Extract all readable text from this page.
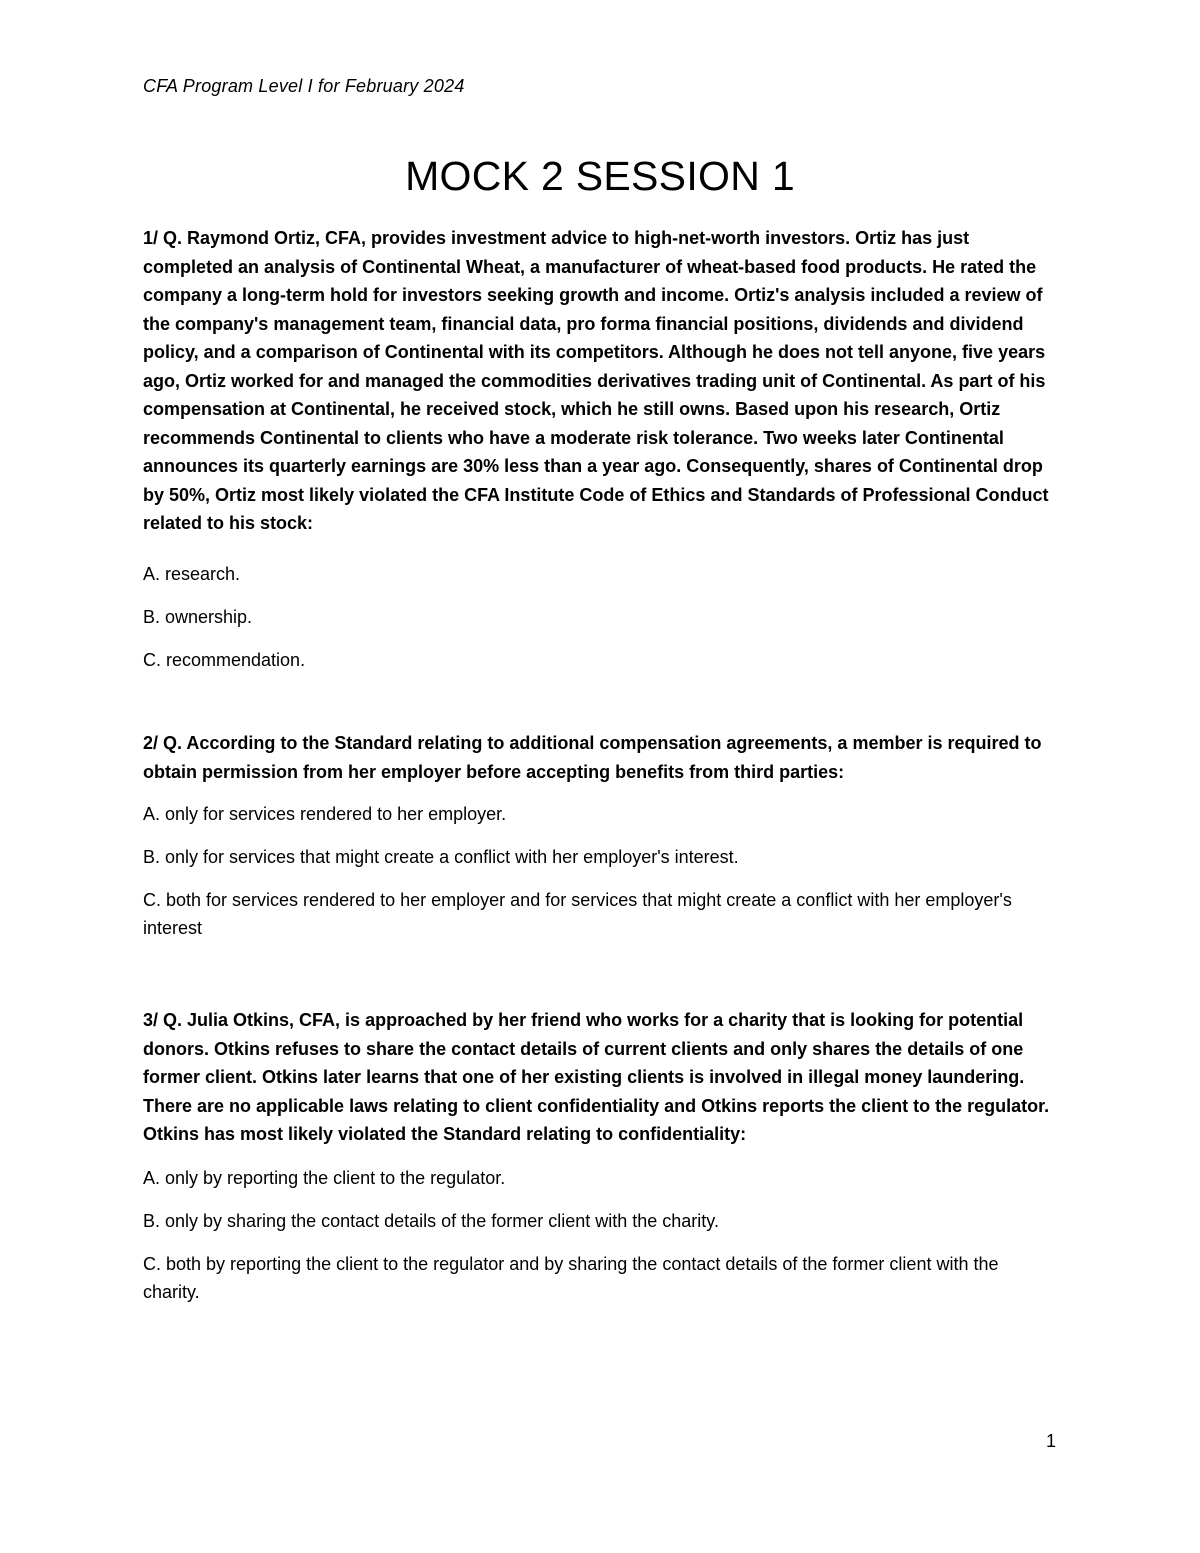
CFA Program Level I for February 2024
MOCK 2 SESSION 1

1/ Q. Raymond Ortiz, CFA, provides investment advice to high-net-worth investors. Ortiz has just completed an analysis of Continental Wheat, a manufacturer of wheat-based food products. He rated the company a long-term hold for investors seeking growth and income. Ortiz's analysis included a review of the company's management team, financial data, pro forma financial positions, dividends and dividend policy, and a comparison of Continental with its competitors. Although he does not tell anyone, five years ago, Ortiz worked for and managed the commodities derivatives trading unit of Continental. As part of his compensation at Continental, he received stock, which he still owns. Based upon his research, Ortiz recommends Continental to clients who have a moderate risk tolerance. Two weeks later Continental announces its quarterly earnings are 30% less than a year ago. Consequently, shares of Continental drop by 50%, Ortiz most likely violated the CFA Institute Code of Ethics and Standards of Professional Conduct related to his stock:

A. research.

B. ownership.

C. recommendation.

2/ Q. According to the Standard relating to additional compensation agreements, a member is required to obtain permission from her employer before accepting benefits from third parties:

A. only for services rendered to her employer.

B. only for services that might create a conflict with her employer's interest.

C. both for services rendered to her employer and for services that might create a conflict with her employer's interest

3/ Q. Julia Otkins, CFA, is approached by her friend who works for a charity that is looking for potential donors. Otkins refuses to share the contact details of current clients and only shares the details of one former client. Otkins later learns that one of her existing clients is involved in illegal money laundering. There are no applicable laws relating to client confidentiality and Otkins reports the client to the regulator. Otkins has most likely violated the Standard relating to confidentiality:

A. only by reporting the client to the regulator.

B. only by sharing the contact details of the former client with the charity.

C. both by reporting the client to the regulator and by sharing the contact details of the former client with the charity.

1
